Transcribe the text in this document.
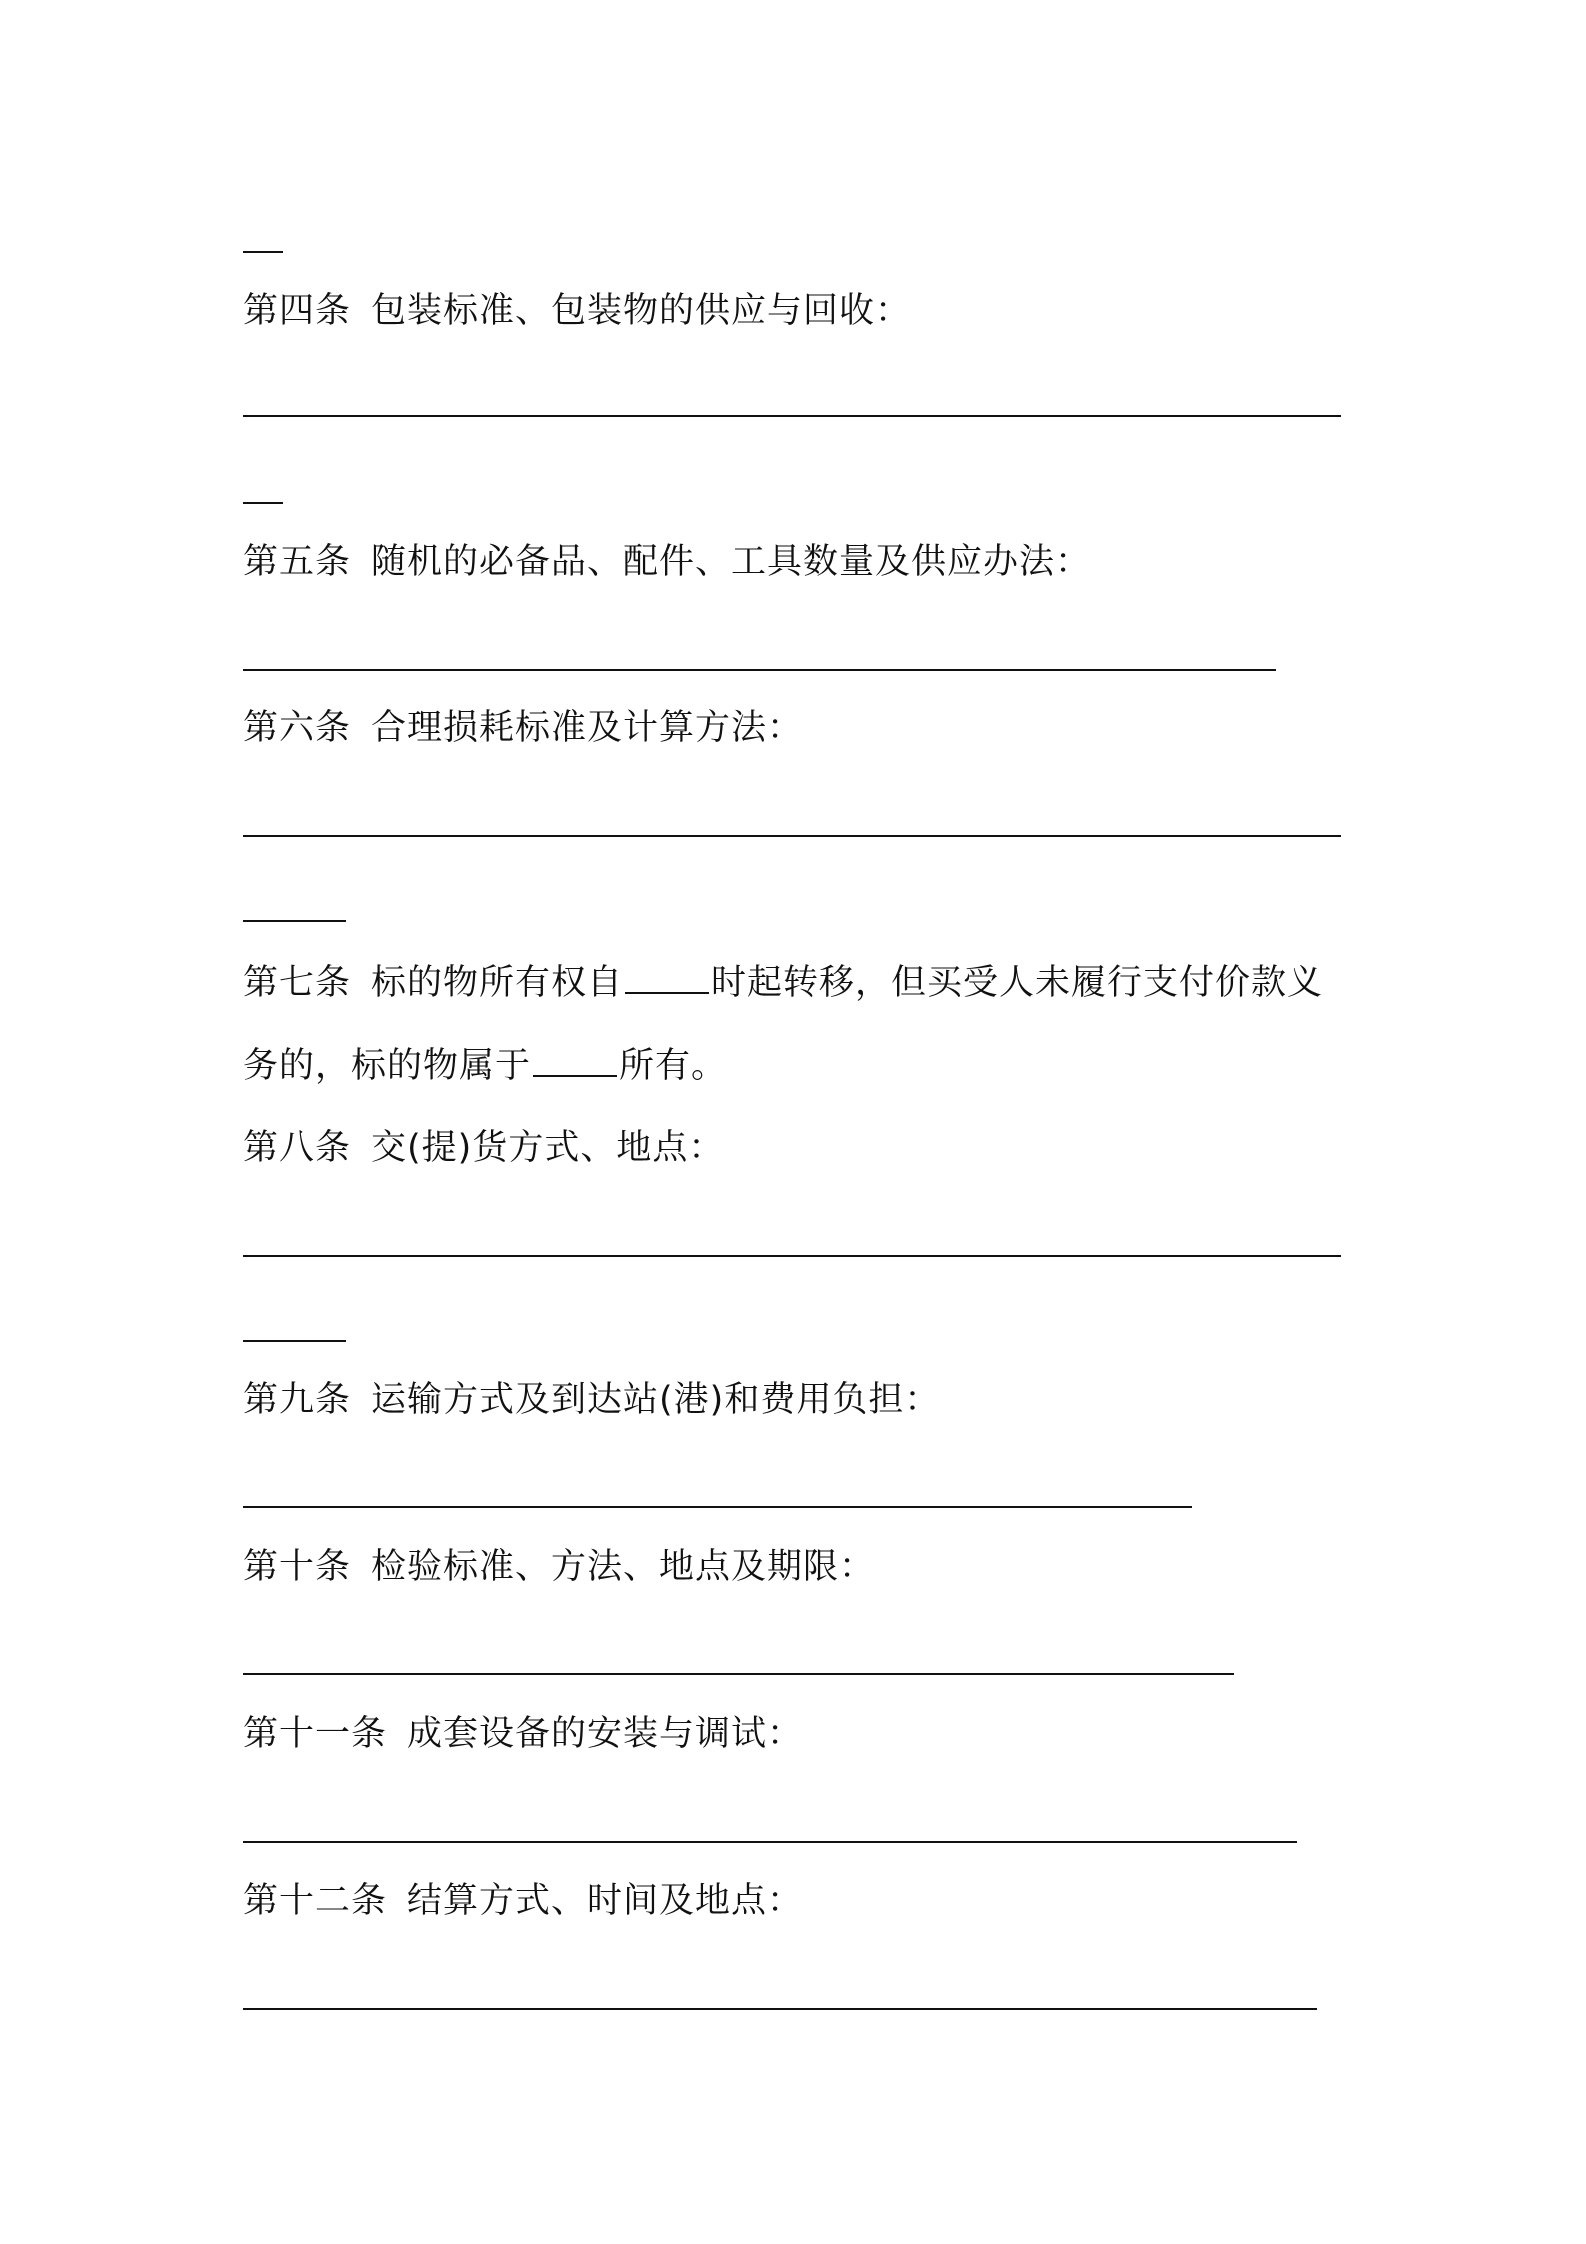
第四条 包装标准、包装物的供应与回收：
第五条 随机的必备品、配件、工具数量及供应办法：
第六条 合理损耗标准及计算方法：
第七条 标的物所有权自	时起转移，但买受人未履行支付价款义
务的，标的物属于	所有。
第八条 交(提)货方式、地点：
第九条 运输方式及到达站(港)和费用负担：
第十条 检验标准、方法、地点及期限：
第十一条 成套设备的安装与调试：
第十二条 结算方式、时间及地点：
